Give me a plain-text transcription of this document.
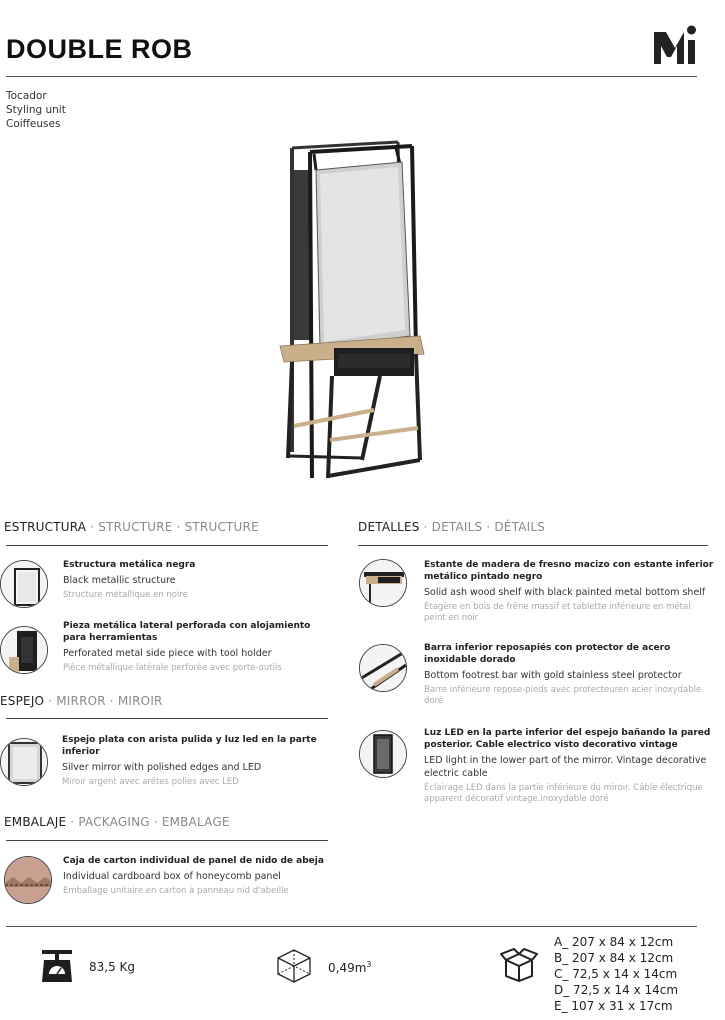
DOUBLE ROB
Tocador
Styling unit
Coiffeuses
ESTRUCTURA · STRUCTURE · STRUCTURE
Estructura metálica negra
Black metallic structure
Structure métallique en noire
Pieza metálica lateral perforada con alojamiento para herramientas
Perforated metal side piece with tool holder
Pièce métallique latérale perforée avec porte-outils
ESPEJO · MIRROR · MIROIR
Espejo plata con arista pulida y luz led en la parte inferior
Silver mirror with polished edges and LED
Miroir argent avec arêtes polies avec LED
EMBALAJE · PACKAGING · EMBALAGE
Caja de carton individual de panel de nido de abeja
Individual cardboard box of honeycomb panel
Emballage unitaire en carton à panneau nid d'abeille
DETALLES · DETAILS · DÉTAILS
Estante de madera de fresno macizo con estante inferior metálico pintado negro
Solid ash wood shelf with black painted metal bottom shelf
Étagère en bois de frêne massif et tablette inférieure en métal peint en noir
Barra inferior reposapiés con protector de acero inoxidable dorado
Bottom footrest bar with gold stainless steel protector
Barre inférieure repose-pieds avec protecteuren acier inoxydable doré
Luz LED en la parte inferior del espejo bañando la pared posterior. Cable electrico visto decorativo vintage
LED light in the lower part of the mirror. Vintage decorative electric cable
Éclairage LED dans la partie inférieure du miroir. Câble électrique apparent décoratif vintage.inoxydable doré
83,5 Kg	$0,49m^3$
A_ 207 x 84 x 12cm
B_ 207 x 84 x 12cm
C_ 72,5 x 14 x 14cm
D_ 72,5 x 14 x 14cm
E_ 107 x 31 x 17cm
